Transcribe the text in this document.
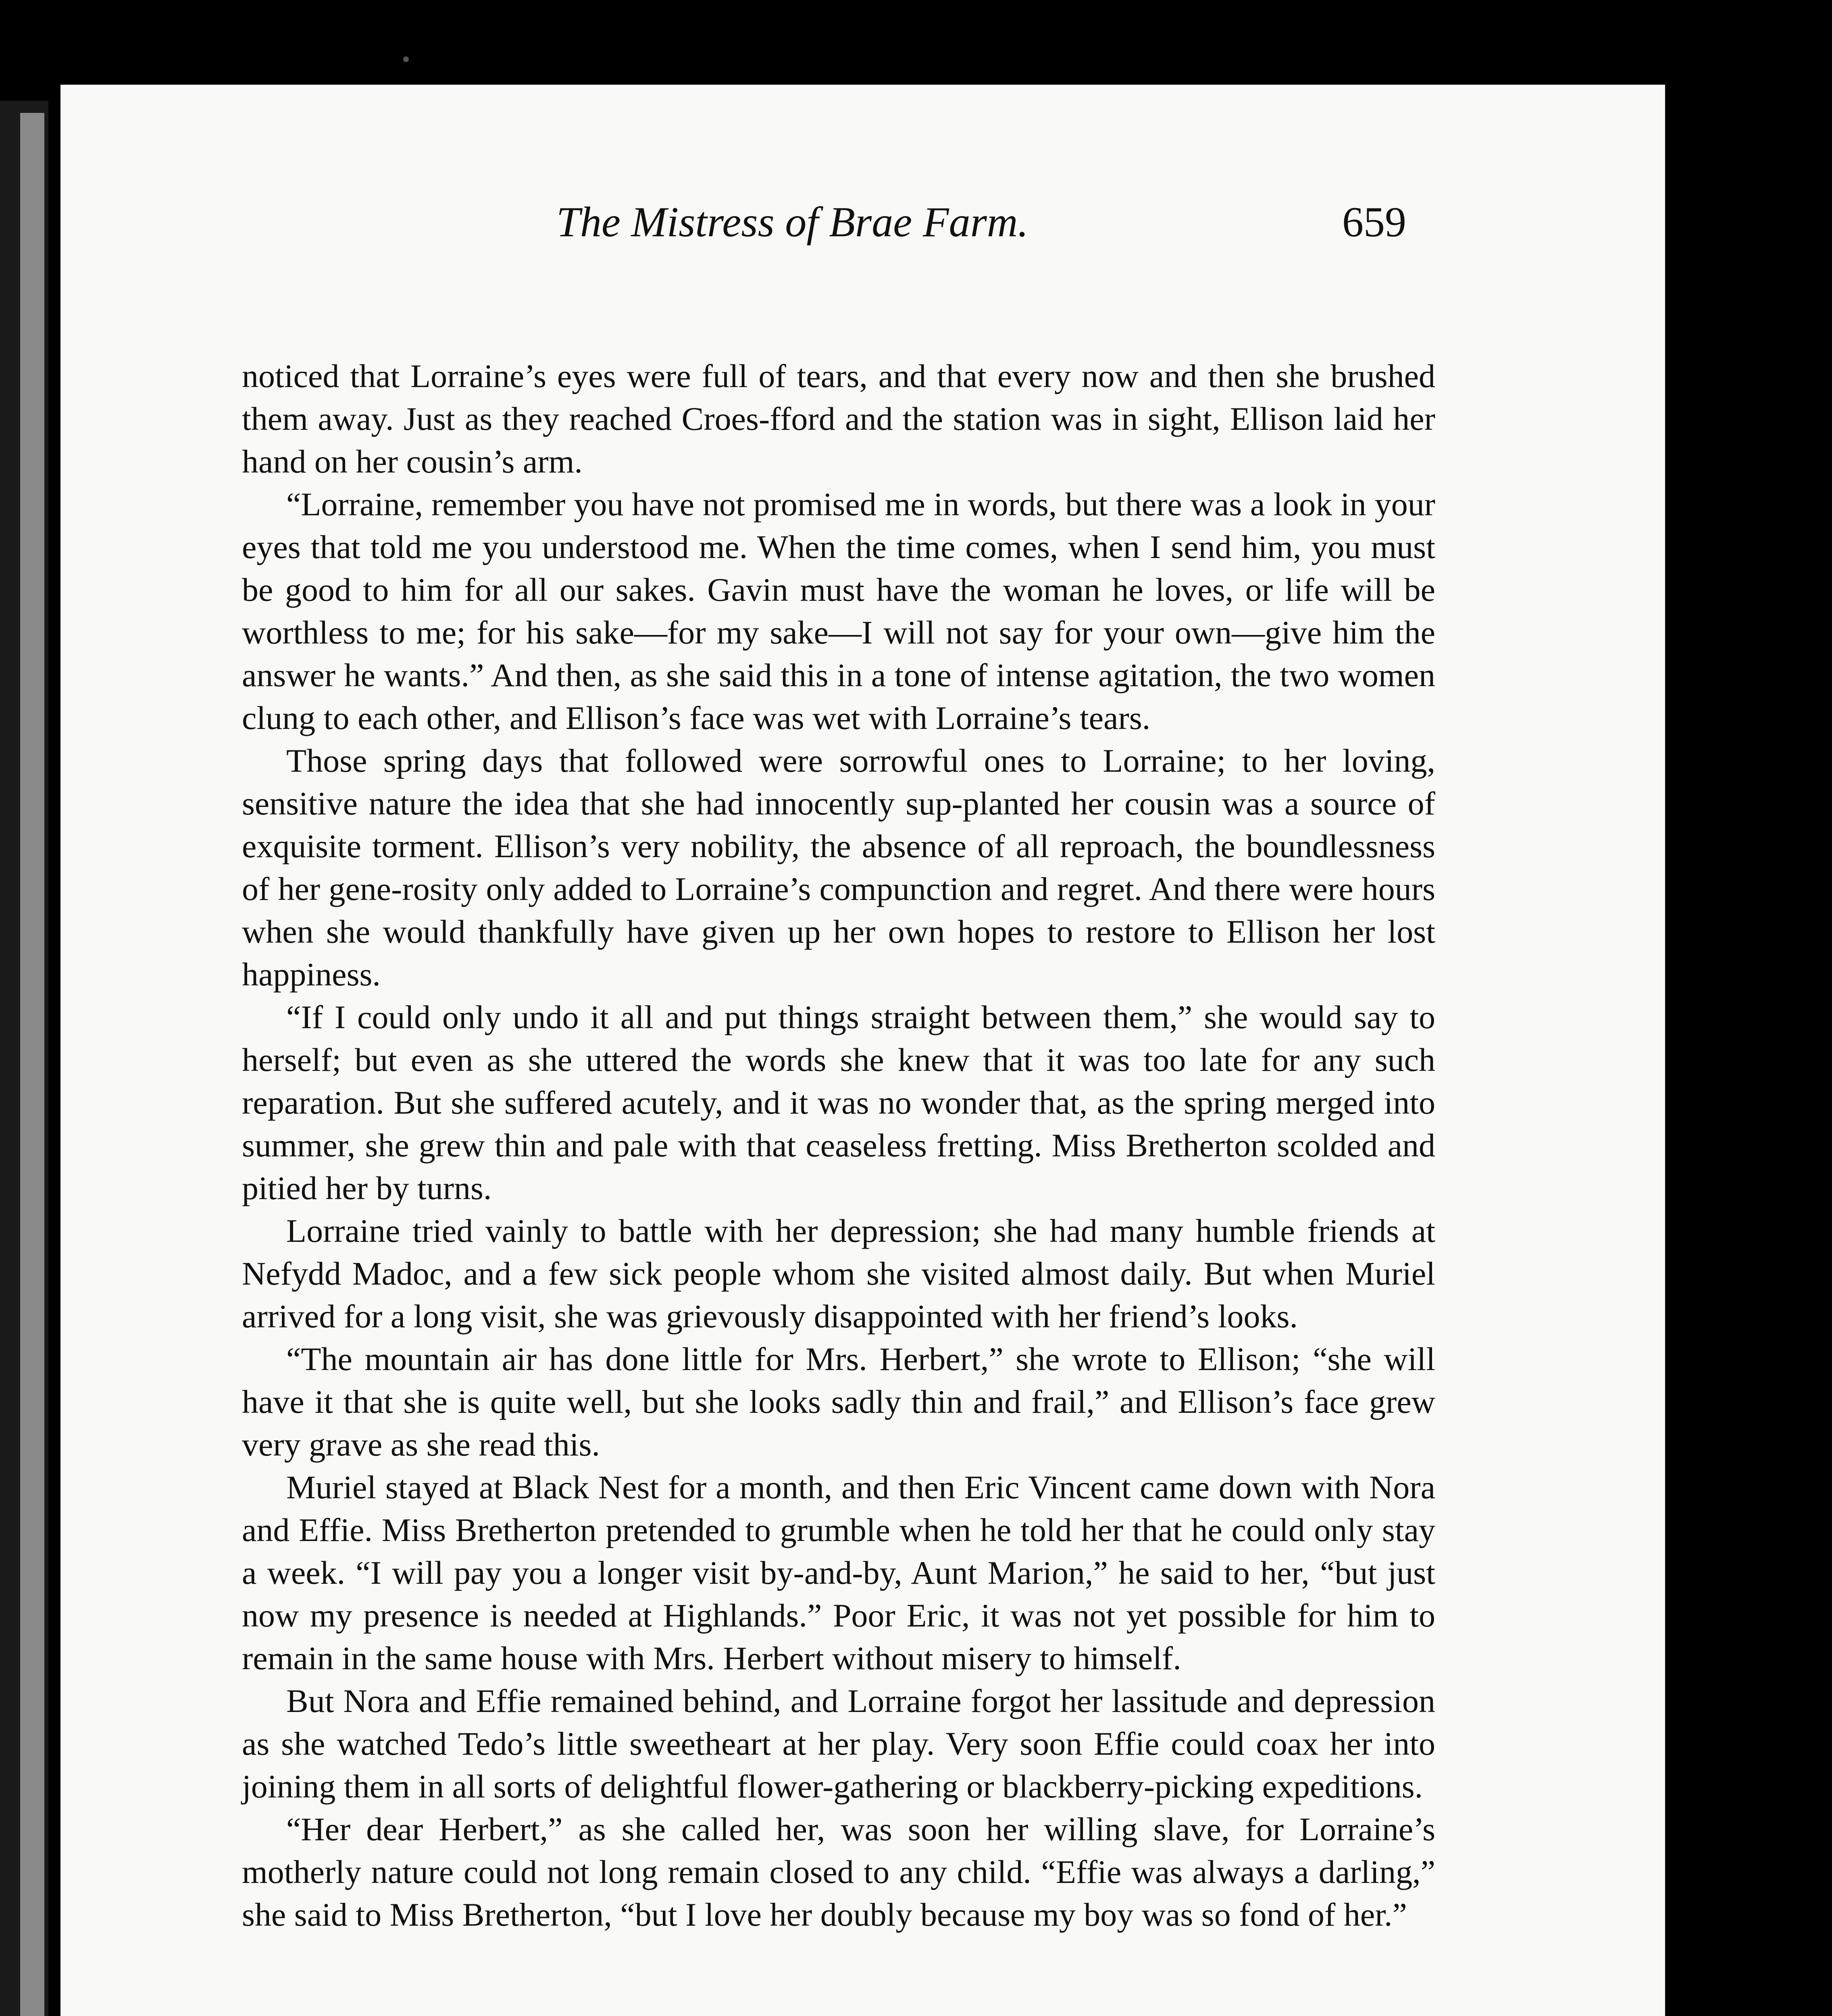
The Mistress of Brae Farm.	659

noticed that Lorraine’s eyes were full of tears, and that every now and then she brushed them away. Just as they reached Croes-fford and the station was in sight, Ellison laid her hand on her cousin’s arm.

“Lorraine, remember you have not promised me in words, but there was a look in your eyes that told me you understood me. When the time comes, when I send him, you must be good to him for all our sakes. Gavin must have the woman he loves, or life will be worthless to me; for his sake—for my sake—I will not say for your own—give him the answer he wants.” And then, as she said this in a tone of intense agitation, the two women clung to each other, and Ellison’s face was wet with Lorraine’s tears.

Those spring days that followed were sorrowful ones to Lorraine; to her loving, sensitive nature the idea that she had innocently sup-planted her cousin was a source of exquisite torment. Ellison’s very nobility, the absence of all reproach, the boundlessness of her gene-rosity only added to Lorraine’s compunction and regret. And there were hours when she would thankfully have given up her own hopes to restore to Ellison her lost happiness.

“If I could only undo it all and put things straight between them,” she would say to herself; but even as she uttered the words she knew that it was too late for any such reparation. But she suffered acutely, and it was no wonder that, as the spring merged into summer, she grew thin and pale with that ceaseless fretting. Miss Bretherton scolded and pitied her by turns.

Lorraine tried vainly to battle with her depression; she had many humble friends at Nefydd Madoc, and a few sick people whom she visited almost daily. But when Muriel arrived for a long visit, she was grievously disappointed with her friend’s looks.

“The mountain air has done little for Mrs. Herbert,” she wrote to Ellison; “she will have it that she is quite well, but she looks sadly thin and frail,” and Ellison’s face grew very grave as she read this.

Muriel stayed at Black Nest for a month, and then Eric Vincent came down with Nora and Effie. Miss Bretherton pretended to grumble when he told her that he could only stay a week. “I will pay you a longer visit by-and-by, Aunt Marion,” he said to her, “but just now my presence is needed at Highlands.” Poor Eric, it was not yet possible for him to remain in the same house with Mrs. Herbert without misery to himself.

But Nora and Effie remained behind, and Lorraine forgot her lassitude and depression as she watched Tedo’s little sweetheart at her play. Very soon Effie could coax her into joining them in all sorts of delightful flower-gathering or blackberry-picking expeditions.

“Her dear Herbert,” as she called her, was soon her willing slave, for Lorraine’s motherly nature could not long remain closed to any child. “Effie was always a darling,” she said to Miss Bretherton, “but I love her doubly because my boy was so fond of her.”
